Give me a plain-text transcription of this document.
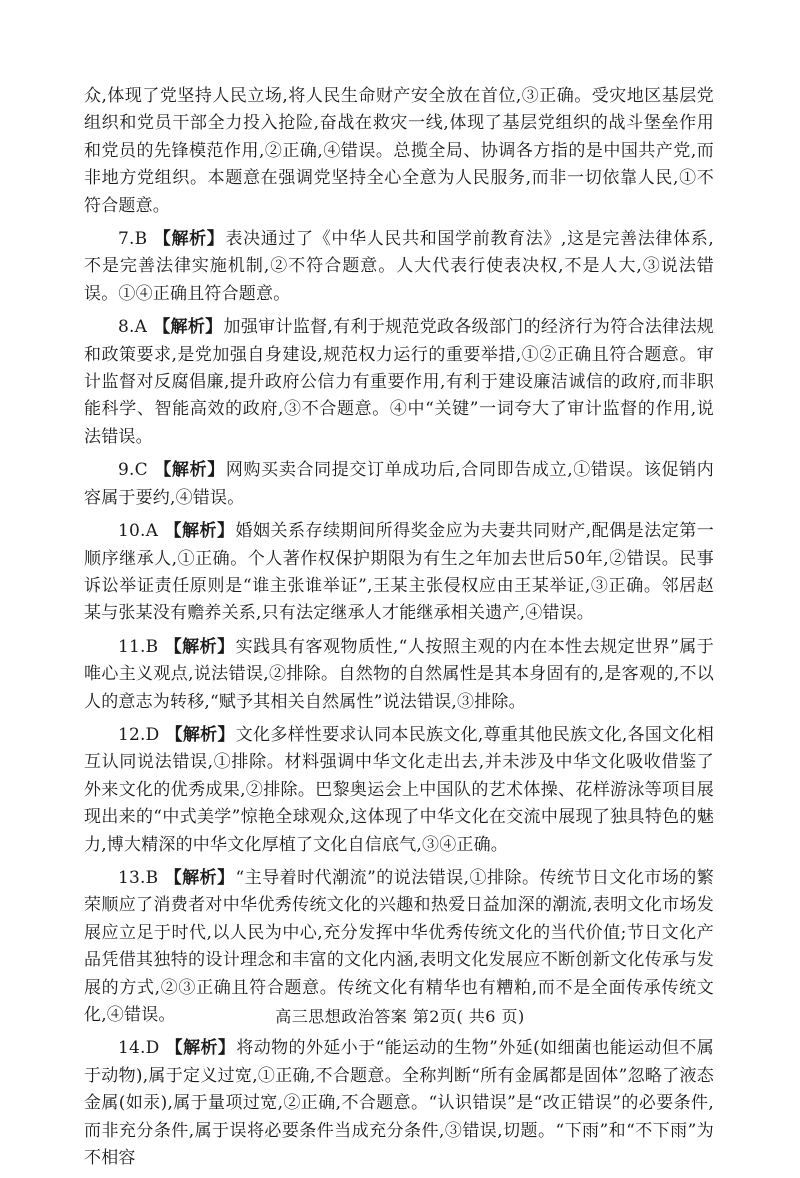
众,体现了党坚持人民立场,将人民生命财产安全放在首位,③正确。受灾地区基层党组织和党员干部全力投入抢险,奋战在救灾一线,体现了基层党组织的战斗堡垒作用和党员的先锋模范作用,②正确,④错误。总揽全局、协调各方指的是中国共产党,而非地方党组织。本题意在强调党坚持全心全意为人民服务,而非一切依靠人民,①不符合题意。

7.B 【解析】表决通过了《中华人民共和国学前教育法》,这是完善法律体系,不是完善法律实施机制,②不符合题意。人大代表行使表决权,不是人大,③说法错误。①④正确且符合题意。

8.A 【解析】加强审计监督,有利于规范党政各级部门的经济行为符合法律法规和政策要求,是党加强自身建设,规范权力运行的重要举措,①②正确且符合题意。审计监督对反腐倡廉,提升政府公信力有重要作用,有利于建设廉洁诚信的政府,而非职能科学、智能高效的政府,③不合题意。④中“关键”一词夸大了审计监督的作用,说法错误。

9.C 【解析】网购买卖合同提交订单成功后,合同即告成立,①错误。该促销内容属于要约,④错误。

10.A 【解析】婚姻关系存续期间所得奖金应为夫妻共同财产,配偶是法定第一顺序继承人,①正确。个人著作权保护期限为有生之年加去世后50年,②错误。民事诉讼举证责任原则是“谁主张谁举证”,王某主张侵权应由王某举证,③正确。邻居赵某与张某没有赡养关系,只有法定继承人才能继承相关遗产,④错误。

11.B 【解析】实践具有客观物质性,“人按照主观的内在本性去规定世界”属于唯心主义观点,说法错误,②排除。自然物的自然属性是其本身固有的,是客观的,不以人的意志为转移,“赋予其相关自然属性”说法错误,③排除。

12.D 【解析】文化多样性要求认同本民族文化,尊重其他民族文化,各国文化相互认同说法错误,①排除。材料强调中华文化走出去,并未涉及中华文化吸收借鉴了外来文化的优秀成果,②排除。巴黎奥运会上中国队的艺术体操、花样游泳等项目展现出来的“中式美学”惊艳全球观众,这体现了中华文化在交流中展现了独具特色的魅力,博大精深的中华文化厚植了文化自信底气,③④正确。

13.B 【解析】“主导着时代潮流”的说法错误,①排除。传统节日文化市场的繁荣顺应了消费者对中华优秀传统文化的兴趣和热爱日益加深的潮流,表明文化市场发展应立足于时代,以人民为中心,充分发挥中华优秀传统文化的当代价值;节日文化产品凭借其独特的设计理念和丰富的文化内涵,表明文化发展应不断创新文化传承与发展的方式,②③正确且符合题意。传统文化有精华也有糟粕,而不是全面传承传统文化,④错误。

14.D 【解析】将动物的外延小于“能运动的生物”外延(如细菌也能运动但不属于动物),属于定义过宽,①正确,不合题意。全称判断“所有金属都是固体”忽略了液态金属(如汞),属于量项过宽,②正确,不合题意。“认识错误”是“改正错误”的必要条件,而非充分条件,属于误将必要条件当成充分条件,③错误,切题。“下雨”和“不下雨”为不相容

高三思想政治答案 第2页( 共6 页)
